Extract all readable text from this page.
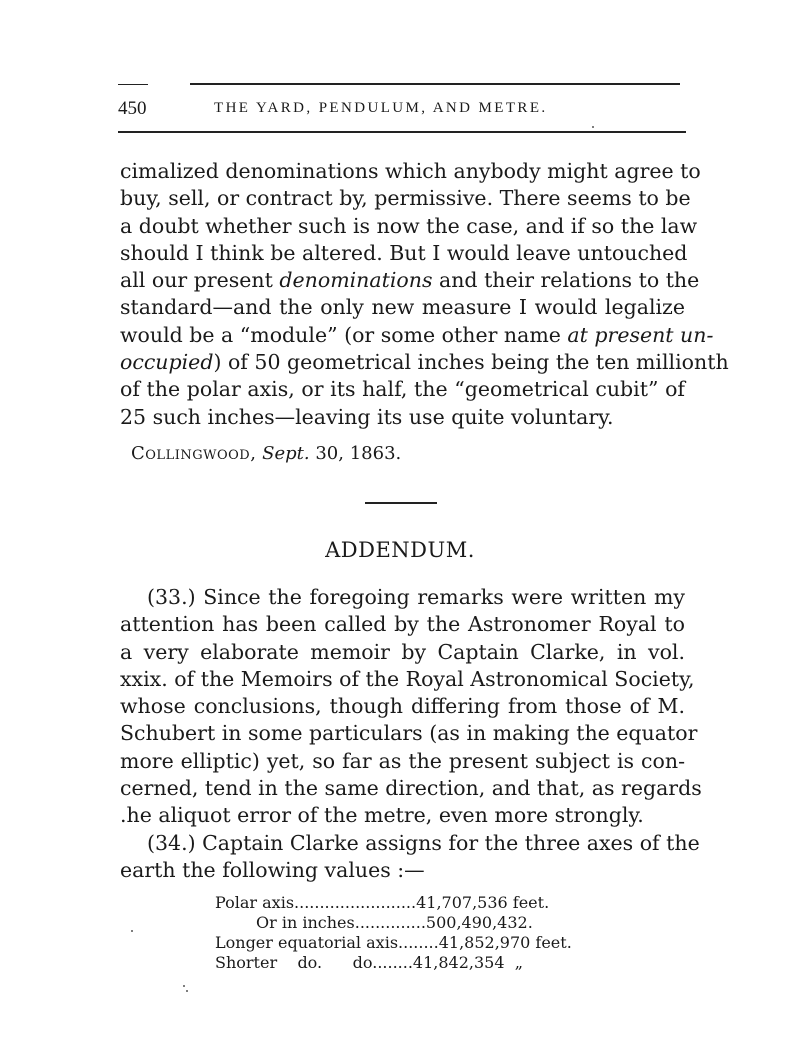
450	THE YARD, PENDULUM, AND METRE.
cimalized denominations which anybody might agree to
buy, sell, or contract by, permissive. There seems to be
a doubt whether such is now the case, and if so the law
should I think be altered. But I would leave untouched
all our present denominations and their relations to the
standard—and the only new measure I would legalize
would be a “module” (or some other name at present un-
occupied) of 50 geometrical inches being the ten millionth
of the polar axis, or its half, the “geometrical cubit” of
25 such inches—leaving its use quite voluntary.
Collingwood, Sept. 30, 1863.
ADDENDUM.
(33.) Since the foregoing remarks were written my
attention has been called by the Astronomer Royal to
a very elaborate memoir by Captain Clarke, in vol.
xxix. of the Memoirs of the Royal Astronomical Society,
whose conclusions, though differing from those of M.
Schubert in some particulars (as in making the equator
more elliptic) yet, so far as the present subject is con-
cerned, tend in the same direction, and that, as regards
.he aliquot error of the metre, even more strongly.
(34.) Captain Clarke assigns for the three axes of the
earth the following values :—
Polar axis........................41,707,536 feet.
Or in inches..............500,490,432.
Longer equatorial axis........41,852,970 feet.
Shorter    do.      do........41,842,354  „
